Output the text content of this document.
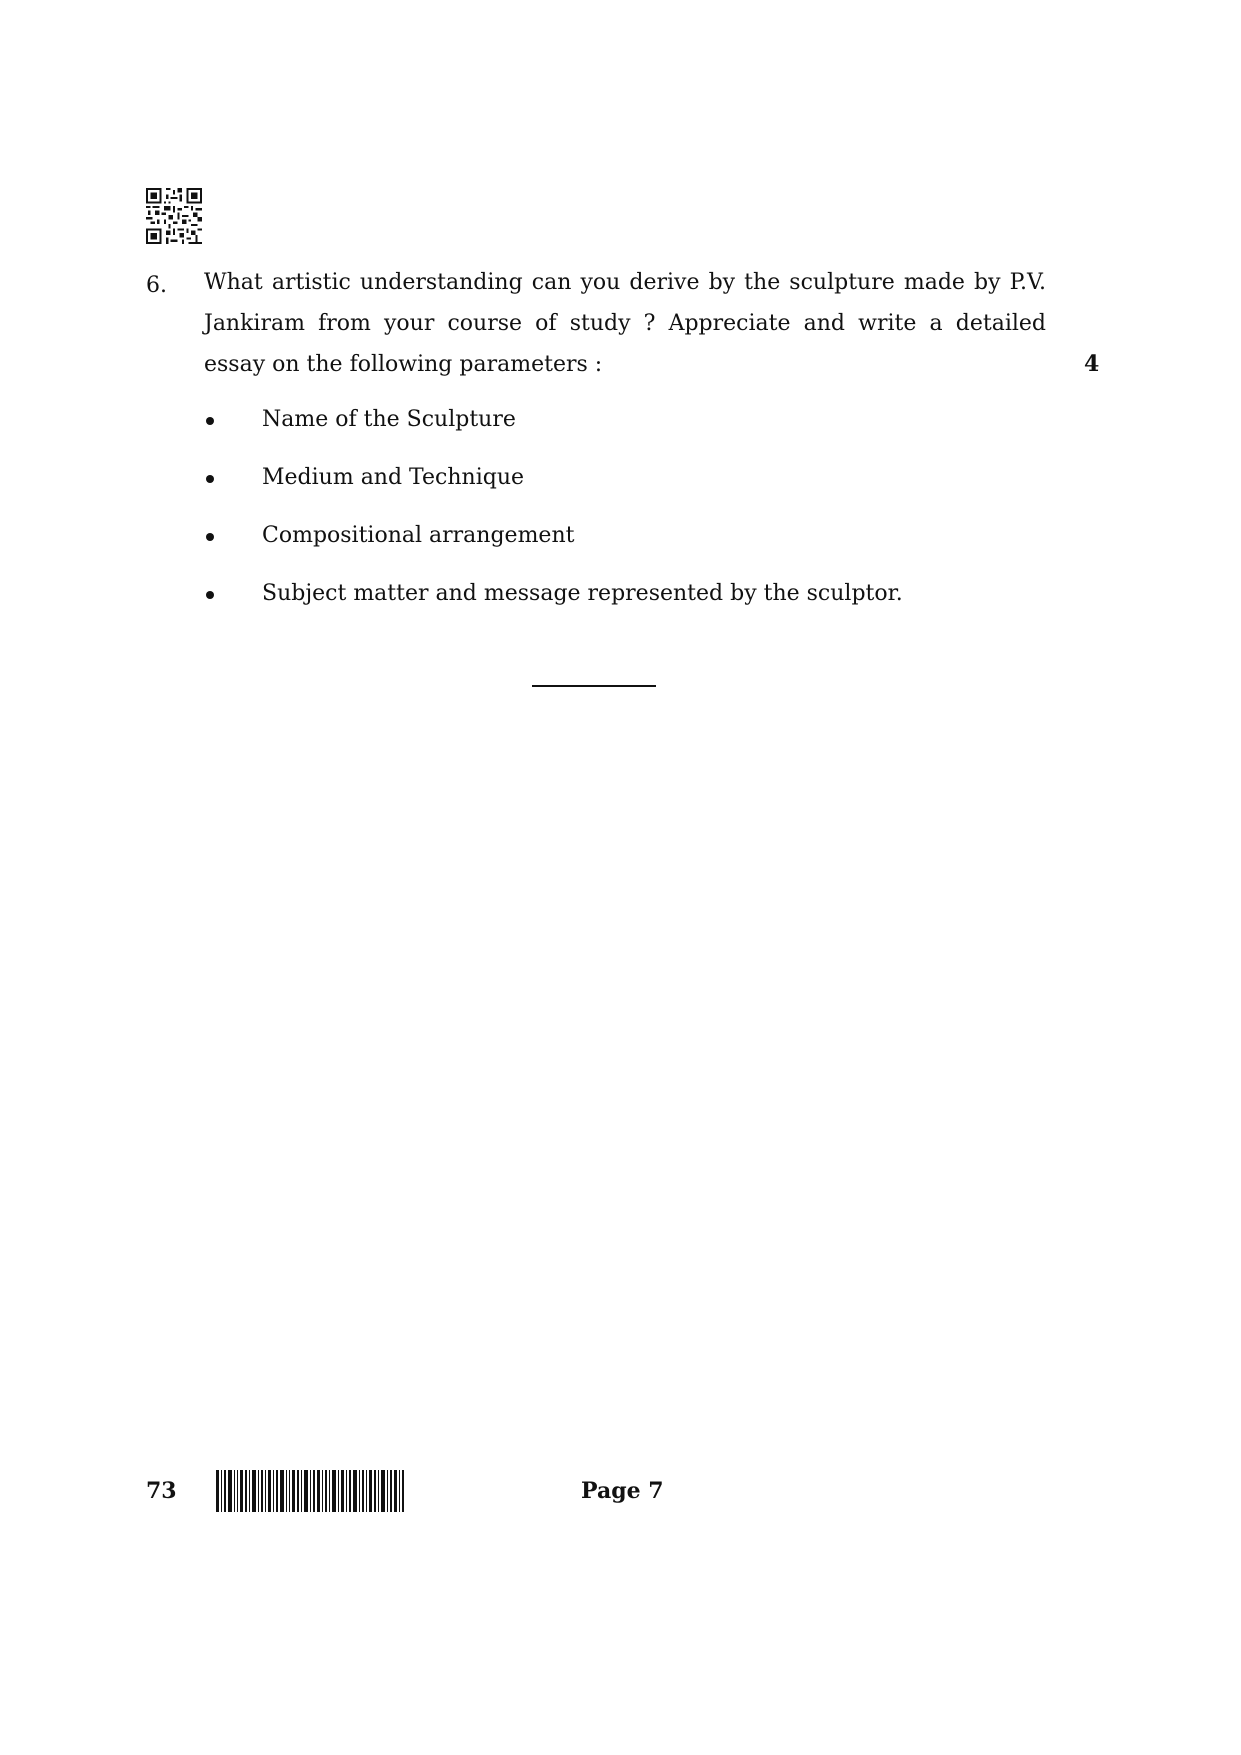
6. What artistic understanding can you derive by the sculpture made by P.V. Jankiram from your course of study ? Appreciate and write a detailed essay on the following parameters :	4
Name of the Sculpture
Medium and Technique
Compositional arrangement
Subject matter and message represented by the sculptor.
73	Page 7
